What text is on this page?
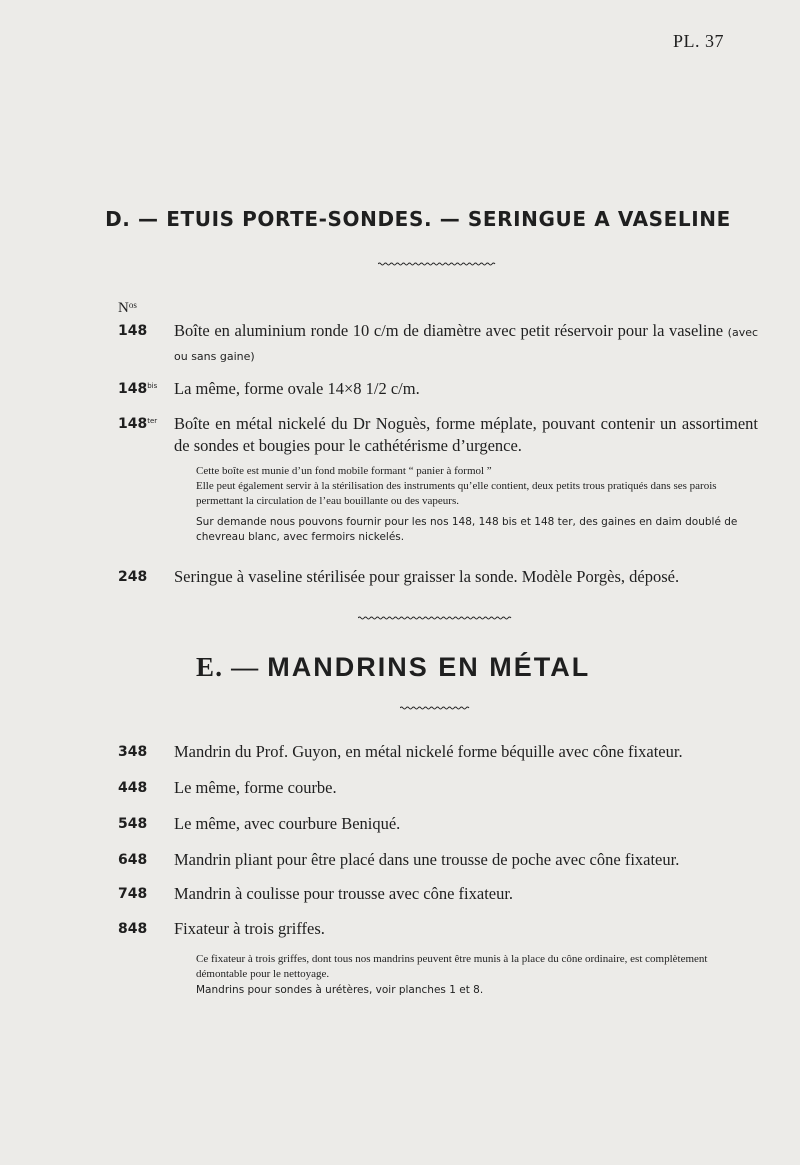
PL. 37
D. — ETUIS PORTE-SONDES. — SERINGUE A VASELINE
$N^{os}$
148 Boîte en aluminium ronde 10 c/m de diamètre avec petit réservoir pour la vaseline (avec ou sans gaine)
$148^{bis}$ La même, forme ovale 14×8 1/2 c/m.
$148^{ter}$ Boîte en métal nickelé du Dr Noguès, forme méplate, pouvant contenir un assortiment de sondes et bougies pour le cathétérisme d’urgence.

Cette boîte est munie d’un fond mobile formant “ panier à formol ”

Elle peut également servir à la stérilisation des instruments qu’elle contient, deux petits trous pratiqués dans ses parois permettant la circulation de l’eau bouillante ou des vapeurs.

Sur demande nous pouvons fournir pour les nos 148, 148 bis et 148 ter, des gaines en daim doublé de chevreau blanc, avec fermoirs nickelés.

248 Seringue à vaseline stérilisée pour graisser la sonde. Modèle Porgès, déposé.
E. — MANDRINS EN MÉTAL
348 Mandrin du Prof. Guyon, en métal nickelé forme béquille avec cône fixateur.
448 Le même, forme courbe.
548 Le même, avec courbure Beniqué.
648 Mandrin pliant pour être placé dans une trousse de poche avec cône fixateur.
748 Mandrin à coulisse pour trousse avec cône fixateur.
848 Fixateur à trois griffes.

Ce fixateur à trois griffes, dont tous nos mandrins peuvent être munis à la place du cône ordinaire, est complètement démontable pour le nettoyage.

Mandrins pour sondes à urétères, voir planches 1 et 8.
